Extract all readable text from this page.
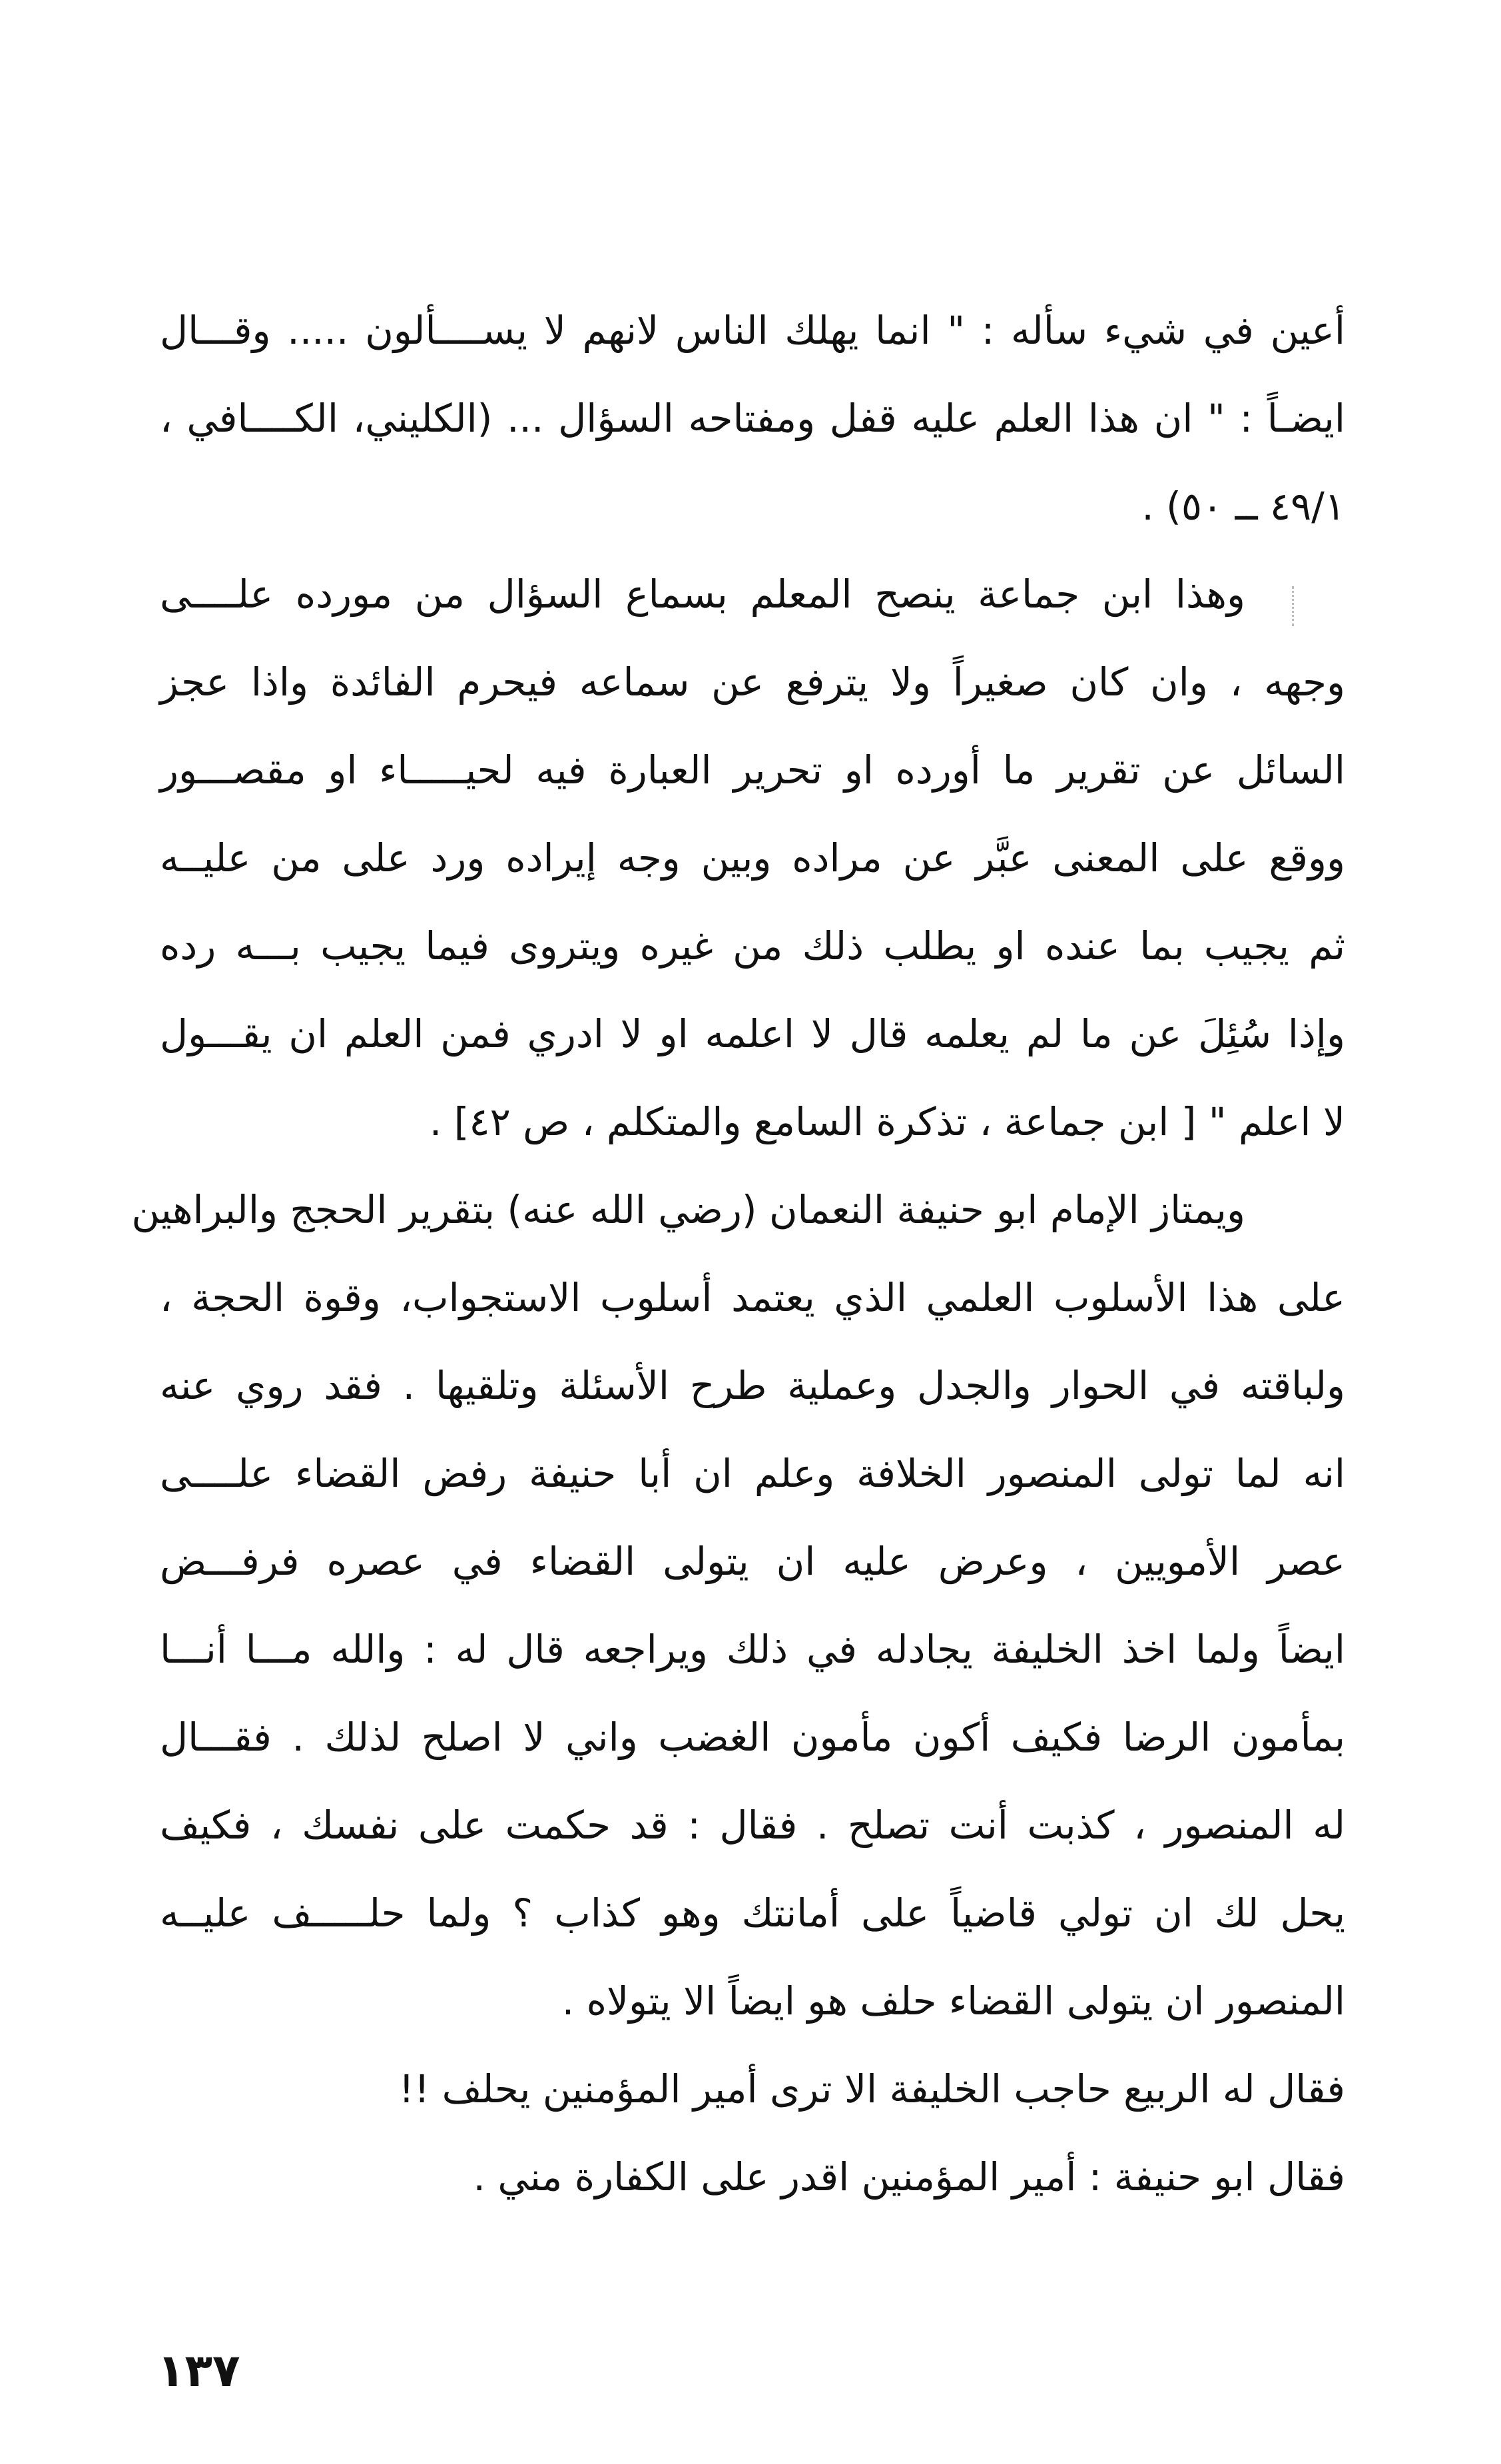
أعين في شيء سأله : " انما يهلك الناس لانهم لا يســــألون ..... وقـــال
ايضـاً : " ان هذا العلم عليه قفل ومفتاحه السؤال ... (الكليني، الكــــافي ،
٤٩/١ ــ ٥٠) .
وهذا ابن جماعة ينصح المعلم بسماع السؤال من مورده علــــى
وجهه ، وان كان صغيراً ولا يترفع عن سماعه فيحرم الفائدة واذا عجز
السائل عن تقرير ما أورده او تحرير العبارة فيه لحيـــــاء او مقصـــور
ووقع على المعنى عبَّر عن مراده وبين وجه إيراده ورد على من عليــه
ثم يجيب بما عنده او يطلب ذلك من غيره ويتروى فيما يجيب بـــه رده
وإذا سُئِلَ عن ما لم يعلمه قال لا اعلمه او لا ادري فمن العلم ان يقـــول
لا اعلم " [ ابن جماعة ، تذكرة السامع والمتكلم ، ص ٤٢] .
ويمتاز الإمام ابو حنيفة النعمان (رضي الله عنه) بتقرير الحجج والبراهين
على هذا الأسلوب العلمي الذي يعتمد أسلوب الاستجواب، وقوة الحجة ،
ولباقته في الحوار والجدل وعملية طرح الأسئلة وتلقيها . فقد روي عنه
انه لما تولى المنصور الخلافة وعلم ان أبا حنيفة رفض القضاء علــــى
عصر الأمويين ، وعرض عليه ان يتولى القضاء في عصره فرفـــض
ايضاً ولما اخذ الخليفة يجادله في ذلك ويراجعه قال له : والله مـــا أنـــا
بمأمون الرضا فكيف أكون مأمون الغضب واني لا اصلح لذلك . فقـــال
له المنصور ، كذبت أنت تصلح . فقال : قد حكمت على نفسك ، فكيف
يحل لك ان تولي قاضياً على أمانتك وهو كذاب ؟ ولما حلـــــف عليــه
المنصور ان يتولى القضاء حلف هو ايضاً الا يتولاه .
فقال له الربيع حاجب الخليفة الا ترى أمير المؤمنين يحلف !!
فقال ابو حنيفة : أمير المؤمنين اقدر على الكفارة مني .
١٣٧
